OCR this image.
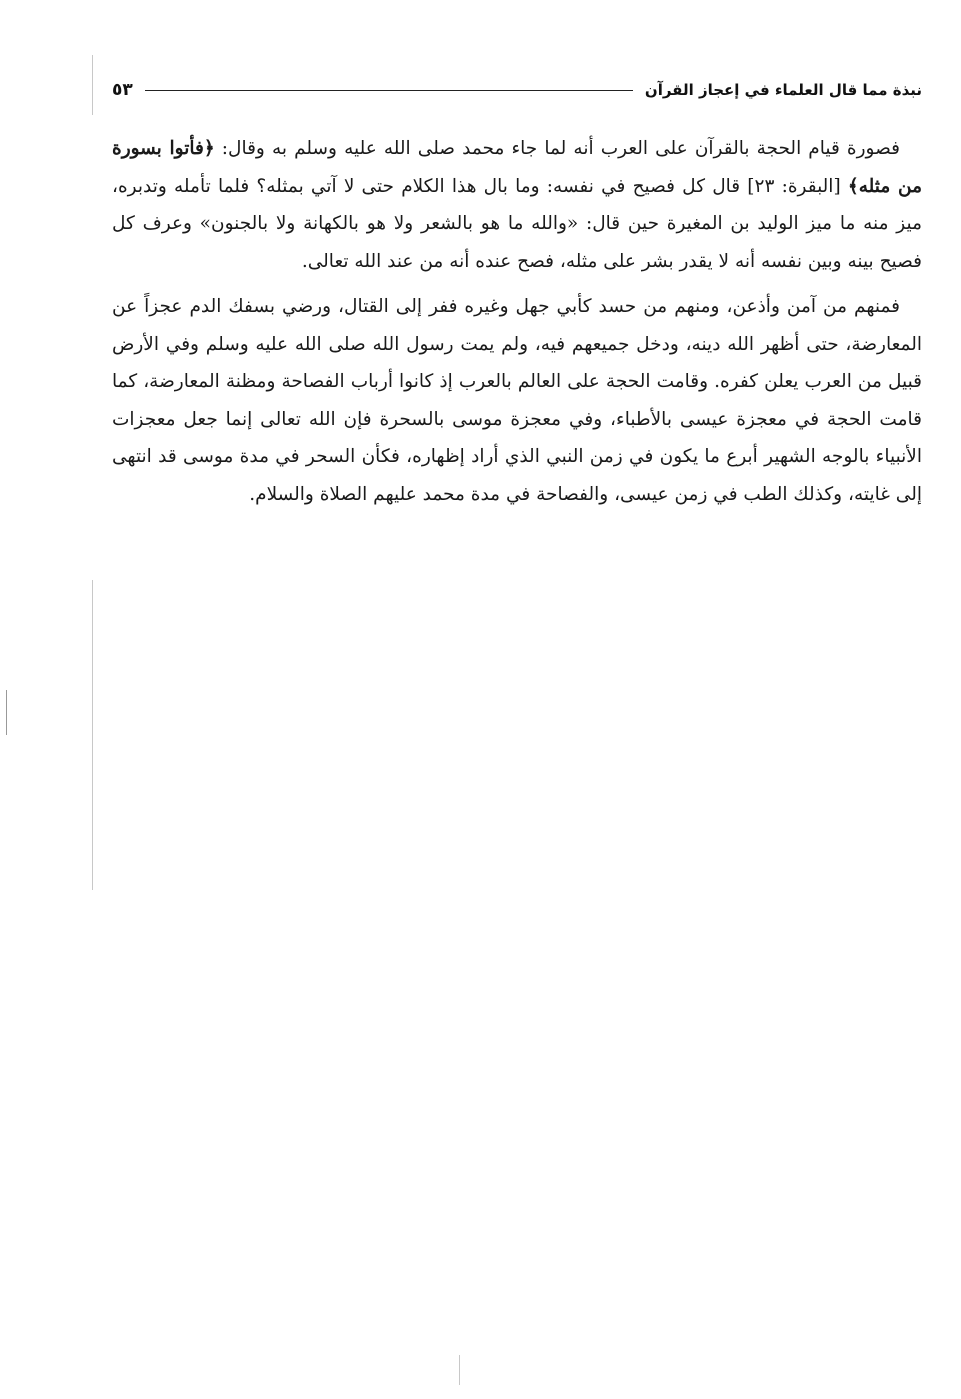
نبذة مما قال العلماء في إعجاز القرآن
٥٣

فصورة قيام الحجة بالقرآن على العرب أنه لما جاء محمد صلى الله عليه وسلم به وقال: ﴿فأتوا بسورة من مثله﴾ [البقرة: ٢٣] قال كل فصيح في نفسه: وما بال هذا الكلام حتى لا آتي بمثله؟ فلما تأمله وتدبره، ميز منه ما ميز الوليد بن المغيرة حين قال: «والله ما هو بالشعر ولا هو بالكهانة ولا بالجنون» وعرف كل فصيح بينه وبين نفسه أنه لا يقدر بشر على مثله، فصح عنده أنه من عند الله تعالى.

فمنهم من آمن وأذعن، ومنهم من حسد كأبي جهل وغيره ففر إلى القتال، ورضي بسفك الدم عجزاً عن المعارضة، حتى أظهر الله دينه، ودخل جميعهم فيه، ولم يمت رسول الله صلى الله عليه وسلم وفي الأرض قبيل من العرب يعلن كفره. وقامت الحجة على العالم بالعرب إذ كانوا أرباب الفصاحة ومظنة المعارضة، كما قامت الحجة في معجزة عيسى بالأطباء، وفي معجزة موسى بالسحرة فإن الله تعالى إنما جعل معجزات الأنبياء بالوجه الشهير أبرع ما يكون في زمن النبي الذي أراد إظهاره، فكأن السحر في مدة موسى قد انتهى إلى غايته، وكذلك الطب في زمن عيسى، والفصاحة في مدة محمد عليهم الصلاة والسلام.
